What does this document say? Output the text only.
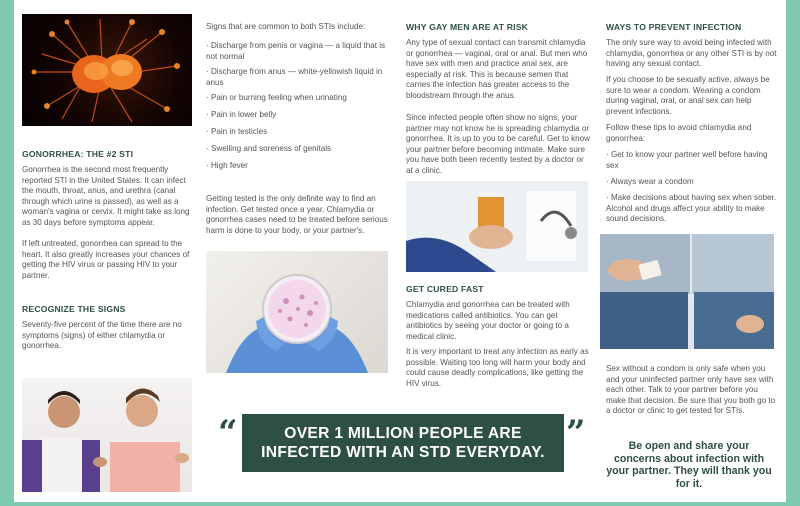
GONORRHEA: THE #2 STI
Gonorrhea is the second most frequently reported STI in the United States. It can infect the mouth, throat, anus, and urethra (canal through which urine is passed), as well as a woman's vagina or cervix. It might take as long as 30 days before symptoms appear.
If left untreated, gonorrhea can spread to the heart. It also greatly increases your chances of getting the HIV virus or passing HIV to your partner.
RECOGNIZE THE SIGNS
Seventy-five percent of the time there are no symptoms (signs) of either chlamydia or gonorrhea.
Signs that are common to both STIs include:
· Discharge from penis or vagina — a liquid that is not normal
· Discharge from anus — white-yellowish liquid in anus
· Pain or burning feeling when urinating
· Pain in lower belly
· Pain in testicles
· Swelling and soreness of genitals
· High fever
Getting tested is the only definite way to find an infection. Get tested once a year. Chlamydia or gonorrhea cases need to be treated before serious harm is done to your body, or your partner's.
WHY GAY MEN ARE AT RISK
Any type of sexual contact can transmit chlamydia or gonorrhea — vaginal, oral or anal. But men who have sex with men and practice anal sex, are especially at risk. This is because semen that carries the infection has greater access to the bloodstream through the anus.
Since infected people often show no signs, your partner may not know he is spreading chlamydia or gonorrhea. It is up to you to be careful. Get to know your partner before becoming intimate. Make sure you have both been recently tested by a doctor or at a clinic.
GET CURED FAST
Chlamydia and gonorrhea can be treated with medications called antibiotics. You can get antibiotics by seeing your doctor or going to a medical clinic.
It is very important to treat any infection as early as possible. Waiting too long will harm your body and could cause deadly complications, like getting the HIV virus.
WAYS TO PREVENT INFECTION
The only sure way to avoid being infected with chlamydia, gonorrhea or any other STI is by not having any sexual contact.
If you choose to be sexually active, always be sure to wear a condom. Wearing a condom during vaginal, oral, or anal sex can help prevent infections.
Follow these tips to avoid chlamydia and gonorrhea:
· Get to know your partner well before having sex
· Always wear a condom
· Make decisions about having sex when sober. Alcohol and drugs affect your ability to make sound decisions.
Sex without a condom is only safe when you and your uninfected partner only have sex with each other. Talk to your partner before you make that decision. Be sure that you both go to a doctor or clinic to get tested for STIs.
Be open and share your concerns about infection with your partner. They will thank you for it.
“	OVER 1 MILLION PEOPLE ARE
INFECTED WITH AN STD EVERYDAY. ”
